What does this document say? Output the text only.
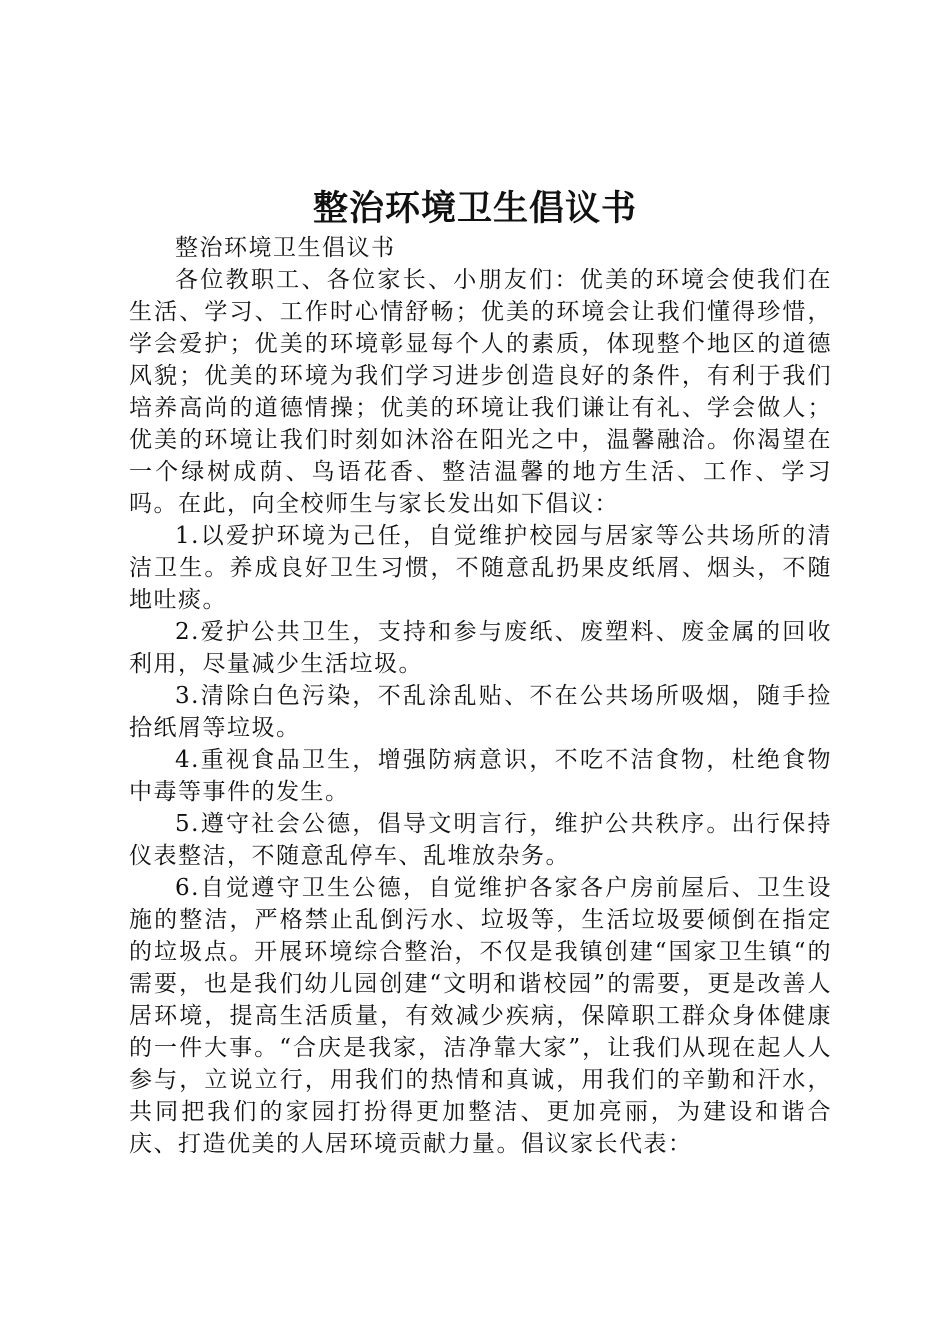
整治环境卫生倡议书

整治环境卫生倡议书

各位教职工、各位家长、小朋友们：优美的环境会使我们在生活、学习、工作时心情舒畅；优美的环境会让我们懂得珍惜，学会爱护；优美的环境彰显每个人的素质，体现整个地区的道德风貌；优美的环境为我们学习进步创造良好的条件，有利于我们培养高尚的道德情操；优美的环境让我们谦让有礼、学会做人；优美的环境让我们时刻如沐浴在阳光之中，温馨融洽。你渴望在一个绿树成荫、鸟语花香、整洁温馨的地方生活、工作、学习吗。在此，向全校师生与家长发出如下倡议：

1.以爱护环境为己任，自觉维护校园与居家等公共场所的清洁卫生。养成良好卫生习惯，不随意乱扔果皮纸屑、烟头，不随地吐痰。

2.爱护公共卫生，支持和参与废纸、废塑料、废金属的回收利用，尽量减少生活垃圾。

3.清除白色污染，不乱涂乱贴、不在公共场所吸烟，随手捡拾纸屑等垃圾。

4.重视食品卫生，增强防病意识，不吃不洁食物，杜绝食物中毒等事件的发生。

5.遵守社会公德，倡导文明言行，维护公共秩序。出行保持仪表整洁，不随意乱停车、乱堆放杂务。

6.自觉遵守卫生公德，自觉维护各家各户房前屋后、卫生设施的整洁，严格禁止乱倒污水、垃圾等，生活垃圾要倾倒在指定的垃圾点。开展环境综合整治，不仅是我镇创建“国家卫生镇“的需要，也是我们幼儿园创建“文明和谐校园”的需要，更是改善人居环境，提高生活质量，有效减少疾病，保障职工群众身体健康的一件大事。“合庆是我家，洁净靠大家”，让我们从现在起人人参与，立说立行，用我们的热情和真诚，用我们的辛勤和汗水，共同把我们的家园打扮得更加整洁、更加亮丽，为建设和谐合庆、打造优美的人居环境贡献力量。倡议家长代表：
